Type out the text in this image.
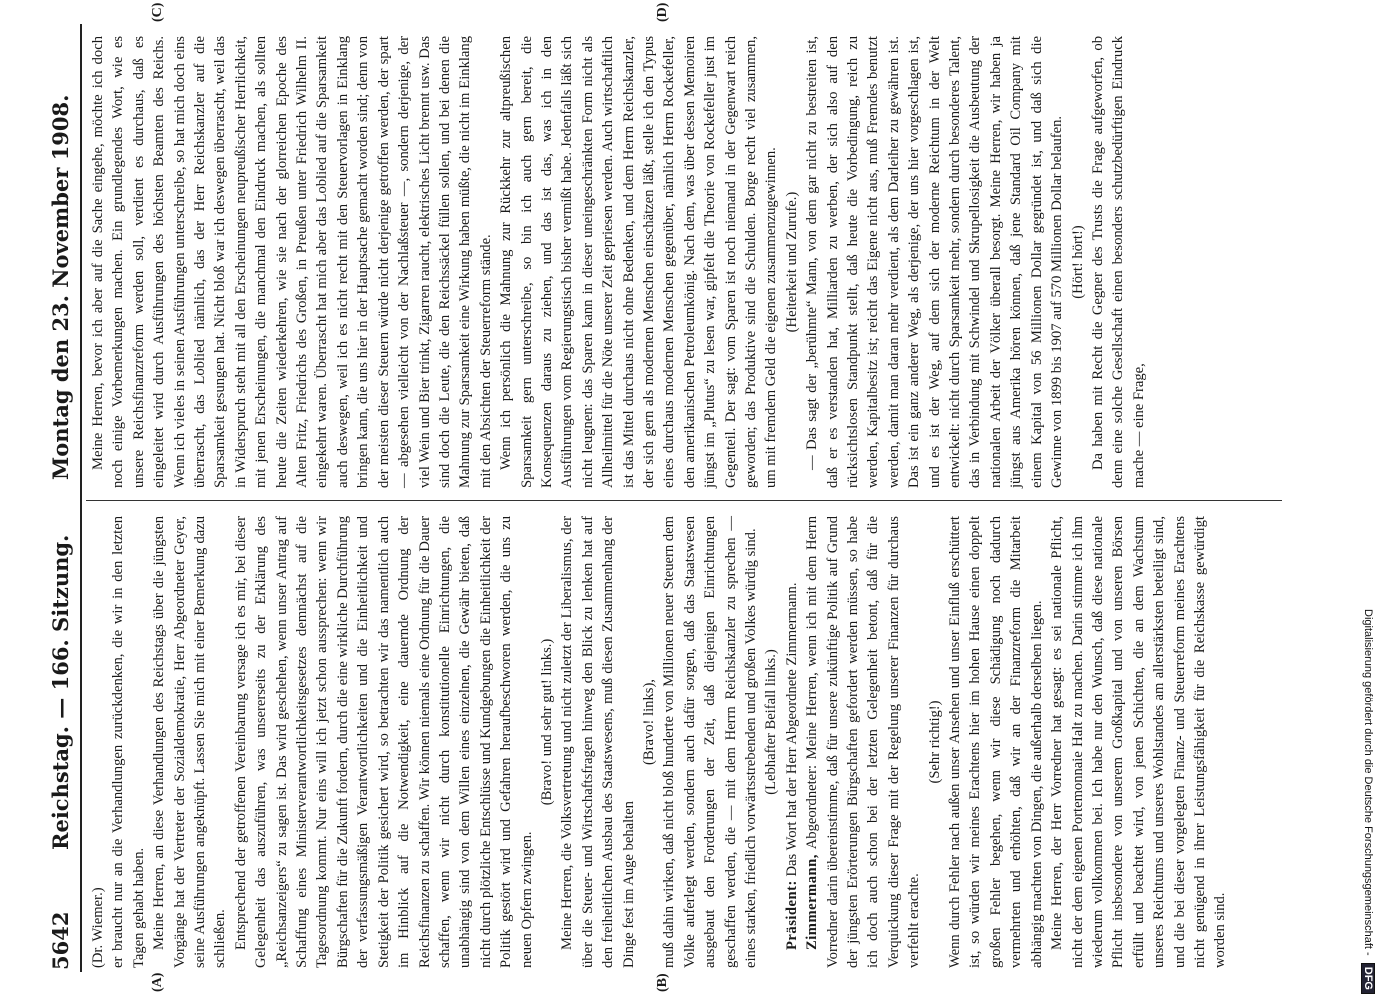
5642
Reichstag. — 166. Sitzung.
Montag den 23. November 1908.
(A)	(B)
(C)	(D)

(Dr. Wiemer.) er braucht nur an die Verhandlungen zurückdenken, die wir in den letzten Tagen gehabt haben. Meine Herren, an diese Verhandlungen des Reichstags über die jüngsten Vorgänge hat der Vertreter der Sozialdemokratie, Herr Abgeordneter Geyer, seine Ausführungen angeknüpft. Lassen Sie mich mit einer Bemerkung dazu schließen. Entsprechend der getroffenen Vereinbarung versage ich es mir, bei dieser Gelegenheit das auszuführen, was unsererseits zu der Erklärung des „Reichsanzeigers“ zu sagen ist. Das wird geschehen, wenn unser Antrag auf Schaffung eines Ministerverantwortlichkeitsgesetzes demnächst auf die Tagesordnung kommt. Nur eins will ich jetzt schon aussprechen: wenn wir Bürgschaften für die Zukunft fordern, durch die eine wirkliche Durchführung der verfassungsmäßigen Verantwortlichkeiten und die Einheitlichkeit und Stetigkeit der Politik gesichert wird, so betrachten wir das namentlich auch im Hinblick auf die Notwendigkeit, eine dauernde Ordnung der Reichsfinanzen zu schaffen. Wir können niemals eine Ordnung für die Dauer schaffen, wenn wir nicht durch konstitutionelle Einrichtungen, die unabhängig sind von dem Willen eines einzelnen, die Gewähr bieten, daß nicht durch plötzliche Entschlüsse und Kundgebungen die Einheitlichkeit der Politik gestört wird und Gefahren heraufbeschworen werden, die uns zu neuen Opfern zwingen.

(Bravo! und sehr gut! links.) Meine Herren, die Volksvertretung und nicht zuletzt der Liberalismus, der über die Steuer- und Wirtschaftsfragen hinweg den Blick zu lenken hat auf den freiheitlichen Ausbau des Staatswesens, muß diesen Zusammenhang der Dinge fest im Auge behalten

(Bravo! links), muß dahin wirken, daß nicht bloß hunderte von Millionen neuer Steuern dem Volke auferlegt werden, sondern auch dafür sorgen, daß das Staatswesen ausgebaut den Forderungen der Zeit, daß diejenigen Einrichtungen geschaffen werden, die — mit dem Herrn Reichskanzler zu sprechen — eines starken, friedlich vorwärtsstrebenden und großen Volkes würdig sind. (Lebhafter Beifall links.)

Präsident: Das Wort hat der Herr Abgeordnete Zimmermann.

Zimmermann, Abgeordneter: Meine Herren, wenn ich mit dem Herrn Vorredner darin übereinstimme, daß für unsere zukünftige Politik auf Grund der jüngsten Erörterungen Bürgschaften gefordert werden müssen, so habe ich doch auch schon bei der letzten Gelegenheit betont, daß für die Verquickung dieser Frage mit der Regelung unserer Finanzen für durchaus verfehlt erachte.

(Sehr richtig!) Wenn durch Fehler nach außen unser Ansehen und unser Einfluß erschüttert ist, so würden wir meines Erachtens hier im hohen Hause einen doppelt großen Fehler begehen, wenn wir diese Schädigung noch dadurch vermehrten und erhöhten, daß wir an der Finanzreform die Mitarbeit abhängig machten von Dingen, die außerhalb derselben liegen. Meine Herren, der Herr Vorredner hat gesagt: es sei nationale Pflicht, nicht der dem eigenen Portemonnaie Halt zu machen. Darin stimme ich ihm wiederum vollkommen bei. Ich habe nur den Wunsch, daß diese nationale Pflicht insbesondere von unserem Großkapital und von unseren Börsen erfüllt und beachtet wird, von jenen Schichten, die an dem Wachstum unseres Reichtums und unseres Wohlstandes am allerstärksten beteiligt sind, und die bei dieser vorgelegten Finanz- und Steuerreform meines Erachtens nicht genügend in ihrer Leistungsfähigkeit für die Reichskasse gewürdigt worden sind.

Meine Herren, bevor ich aber auf die Sache eingehe, möchte ich doch noch einige Vorbemerkungen machen. Ein grundlegendes Wort, wie es unsere Reichsfinanzreform werden soll, verdient es durchaus, daß es eingeleitet wird durch Ausführungen des höchsten Beamten des Reichs. Wenn ich vieles in seinen Ausführungen unterschreibe, so hat mich doch eins überrascht, das Loblied nämlich, das der Herr Reichskanzler auf die Sparsamkeit gesungen hat. Nicht bloß war ich deswegen überrascht, weil das in Widerspruch steht mit all den Erscheinungen neupreußischer Herrlichkeit, mit jenen Erscheinungen, die manchmal den Eindruck machen, als sollten heute die Zeiten wiederkehren, wie sie nach der glorreichen Epoche des Alten Fritz, Friedrichs des Großen, in Preußen unter Friedrich Wilhelm II. eingekehrt waren. Überrascht hat mich aber das Loblied auf die Sparsamkeit auch deswegen, weil ich es nicht recht mit den Steuervorlagen in Einklang bringen kann, die uns hier in der Hauptsache gemacht worden sind; denn von der meisten dieser Steuern würde nicht derjenige getroffen werden, der spart — abgesehen vielleicht von der Nachlaßsteuer —, sondern derjenige, der viel Wein und Bier trinkt, Zigarren raucht, elektrisches Licht brennt usw. Das sind doch die Leute, die den Reichssäckel füllen sollen, und bei denen die Mahnung zur Sparsamkeit eine Wirkung haben müßte, die nicht im Einklang mit den Absichten der Steuerreform stände. Wenn ich persönlich die Mahnung zur Rückkehr zur altpreußischen Sparsamkeit gern unterschreibe, so bin ich auch gern bereit, die Konsequenzen daraus zu ziehen, und das ist das, was ich in den Ausführungen vom Regierungstisch bisher vermißt habe. Jedenfalls läßt sich nicht leugnen: das Sparen kann in dieser uneingeschränkten Form nicht als Allheilmittel für die Nöte unserer Zeit gepriesen werden. Auch wirtschaftlich ist das Mittel durchaus nicht ohne Bedenken, und dem Herrn Reichskanzler, der sich gern als modernen Menschen einschätzen läßt, stelle ich den Typus eines durchaus modernen Menschen gegenüber, nämlich Herrn Rockefeller, den amerikanischen Petroleumkönig. Nach dem, was über dessen Memoiren jüngst im „Plutus“ zu lesen war, gipfelt die Theorie von Rockefeller just im Gegenteil. Der sagt: vom Sparen ist noch niemand in der Gegenwart reich geworden; das Produktive sind die Schulden. Borge recht viel zusammen, um mit fremdem Geld die eigenen zusammenzugewinnen. (Heiterkeit und Zurufe.) — Das sagt der „berühmte“ Mann, von dem gar nicht zu bestreiten ist, daß er es verstanden hat, Milliarden zu werben, der sich also auf den rücksichtslosen Standpunkt stellt, daß heute die Vorbedingung, reich zu werden, Kapitalbesitz ist; reicht das Eigene nicht aus, muß Fremdes benutzt werden, damit man daran mehr verdient, als dem Darleiher zu gewähren ist. Das ist ein ganz anderer Weg, als derjenige, der uns hier vorgeschlagen ist, und es ist der Weg, auf dem sich der moderne Reichtum in der Welt entwickelt: nicht durch Sparsamkeit mehr, sondern durch besonderes Talent, das in Verbindung mit Schwindel und Skrupellosigkeit die Ausbeutung der nationalen Arbeit der Völker überall besorgt. Meine Herren, wir haben ja jüngst aus Amerika hören können, daß jene Standard Oil Company mit einem Kapital von 56 Millionen Dollar gegründet ist, und daß sich die Gewinne von 1899 bis 1907 auf 570 Millionen Dollar belaufen. (Hört! hört!) Da haben mit Recht die Gegner des Trusts die Frage aufgeworfen, ob denn eine solche Gesellschaft einen besonders schutzbedürftigen Eindruck mache — eine Frage,

Digitalisierung gefördert durch die Deutsche Forschungsgemeinschaft - DFG
